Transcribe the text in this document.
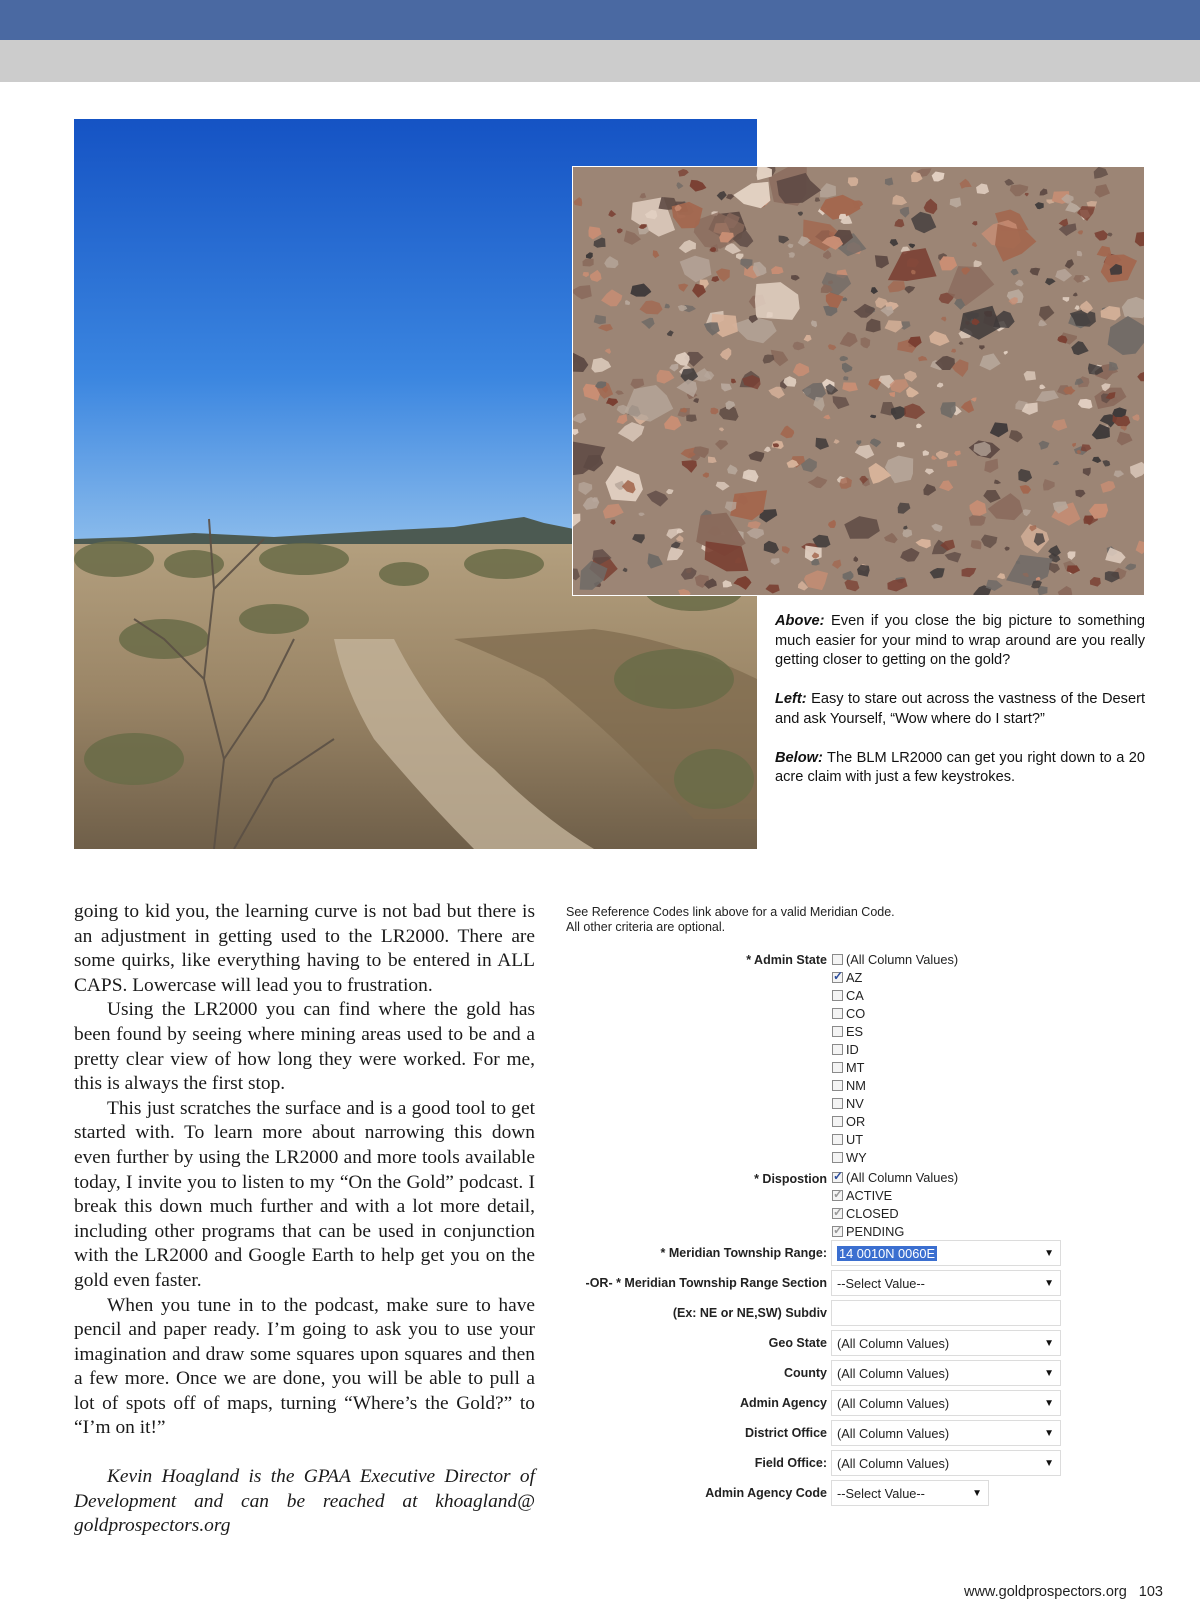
Above: Even if you close the big picture to something much easier for your mind to wrap around are you really getting closer to getting on the gold?

Left: Easy to stare out across the vastness of the Desert and ask Yourself, “Wow where do I start?”

Below: The BLM LR2000 can get you right down to a 20 acre claim with just a few keystrokes.

going to kid you, the learning curve is not bad but there is an adjustment in getting used to the LR2000. There are some quirks, like everything having to be entered in ALL CAPS. Lowercase will lead you to frustration.

Using the LR2000 you can find where the gold has been found by seeing where mining areas used to be and a pretty clear view of how long they were worked. For me, this is always the first stop.

This just scratches the surface and is a good tool to get started with. To learn more about narrowing this down even further by using the LR2000 and more tools available today, I invite you to listen to my “On the Gold” podcast. I break this down much further and with a lot more detail, including other programs that can be used in conjunction with the LR2000 and Google Earth to help get you on the gold even faster.

When you tune in to the podcast, make sure to have pencil and paper ready. I’m going to ask you to use your imagination and draw some squares upon squares and then a few more. Once we are done, you will be able to pull a lot of spots off of maps, turning “Where’s the Gold?” to “I’m on it!”

Kevin Hoagland is the GPAA Executive Director of Development and can be reached at khoagland@ goldprospectors.org

See Reference Codes link above for a valid Meridian Code.
All other criteria are optional.
* Admin State (All Column Values)
✓
AZ
CA
CO
ES
ID
MT
NM
NV
OR
UT
WY
* Dispostion
✓ (All Column Values)
✓
ACTIVE
✓
CLOSED
✓
PENDING
* Meridian Township Range: 14 0010N 0060E	▼
-OR- * Meridian Township Range Section --Select Value--	▼
(Ex: NE or NE,SW) Subdiv
Geo State (All Column Values)	▼
County (All Column Values)	▼
Admin Agency (All Column Values)	▼
District Office (All Column Values)	▼
Field Office: (All Column Values)	▼
Admin Agency Code --Select Value--	▼
www.goldprospectors.org 103
